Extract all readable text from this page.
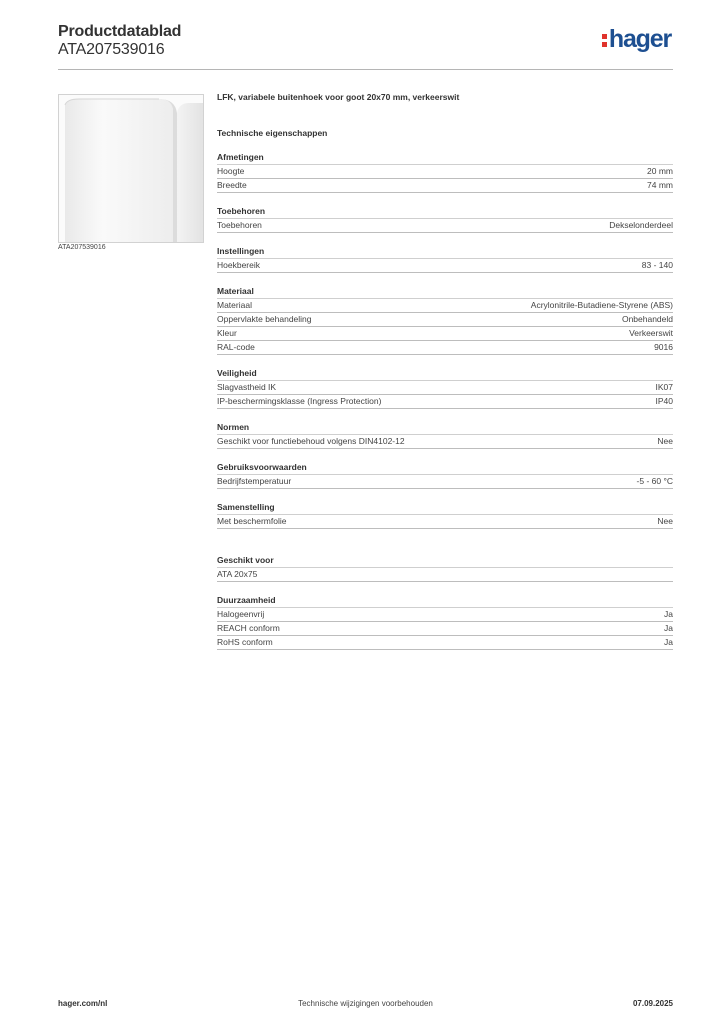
Productdatablad
ATA207539016	hager
ATA207539016
LFK, variabele buitenhoek voor goot 20x70 mm, verkeerswit
Technische eigenschappen
Afmetingen
Hoogte	20 mm
Breedte	74 mm
Toebehoren
Toebehoren	Dekselonderdeel
Instellingen
Hoekbereik	83 - 140
Materiaal
Materiaal	Acrylonitrile-Butadiene-Styrene (ABS)
Oppervlakte behandeling	Onbehandeld
Kleur	Verkeerswit
RAL-code	9016
Veiligheid
Slagvastheid IK	IK07
IP-beschermingsklasse (Ingress Protection)	IP40
Normen
Geschikt voor functiebehoud volgens DIN4102-12	Nee
Gebruiksvoorwaarden
Bedrijfstemperatuur	-5 - 60 °C
Samenstelling
Met beschermfolie	Nee
Geschikt voor
ATA 20x75
Duurzaamheid
Halogeenvrij	Ja
REACH conform	Ja
RoHS conform	Ja
hager.com/nl	Technische wijzigingen voorbehouden	07.09.2025
